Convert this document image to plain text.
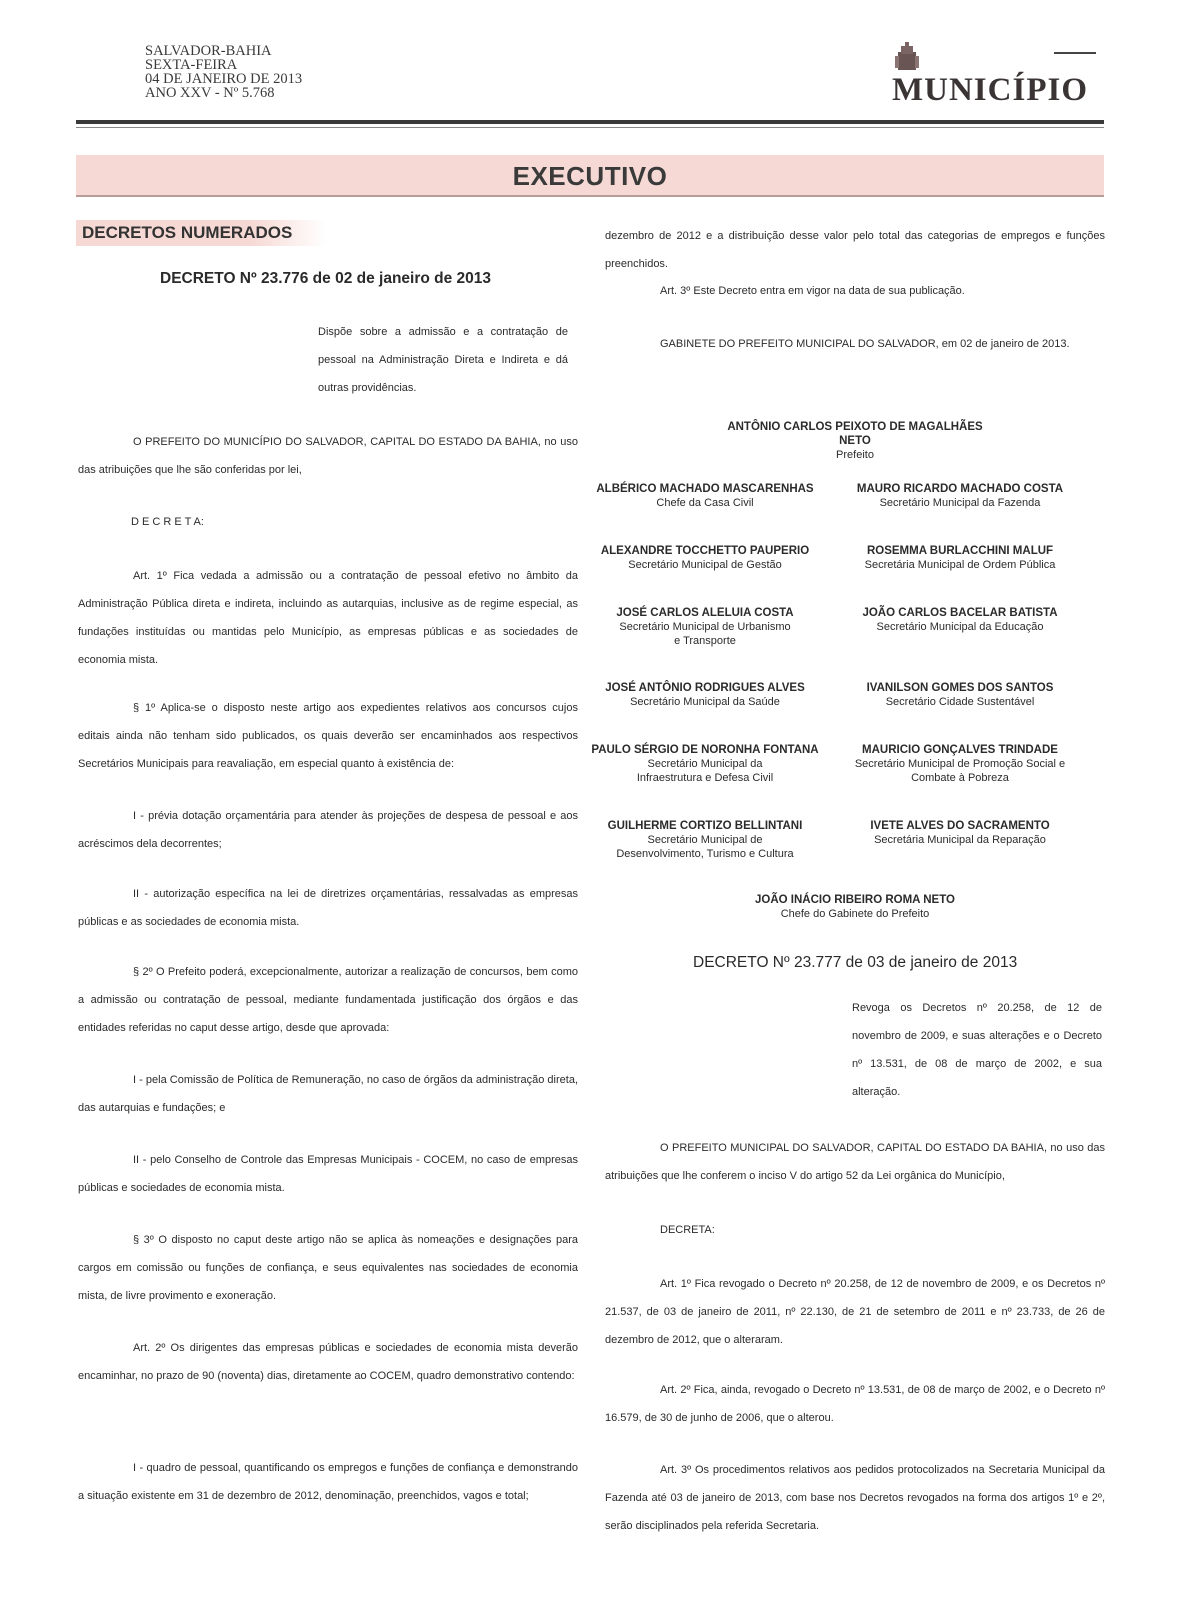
SALVADOR-BAHIA
SEXTA-FEIRA
04 DE JANEIRO DE 2013
ANO XXV - Nº 5.768	MUNICÍPIO
EXECUTIVO
DECRETOS NUMERADOS
DECRETO Nº 23.776 de 02 de janeiro de 2013
Dispõe sobre a admissão e a contratação de pessoal na Administração Direta e Indireta e dá outras providências.
O PREFEITO DO MUNICÍPIO DO SALVADOR, CAPITAL DO ESTADO DA BAHIA, no uso das atribuições que lhe são conferidas por lei,
D E C R E T A:
Art. 1º Fica vedada a admissão ou a contratação de pessoal efetivo no âmbito da Administração Pública direta e indireta, incluindo as autarquias, inclusive as de regime especial, as fundações instituídas ou mantidas pelo Município, as empresas públicas e as sociedades de economia mista.
§ 1º Aplica-se o disposto neste artigo aos expedientes relativos aos concursos cujos editais ainda não tenham sido publicados, os quais deverão ser encaminhados aos respectivos Secretários Municipais para reavaliação, em especial quanto à existência de:
I - prévia dotação orçamentária para atender às projeções de despesa de pessoal e aos acréscimos dela decorrentes;
II - autorização específica na lei de diretrizes orçamentárias, ressalvadas as empresas públicas e as sociedades de economia mista.
§ 2º O Prefeito poderá, excepcionalmente, autorizar a realização de concursos, bem como a admissão ou contratação de pessoal, mediante fundamentada justificação dos órgãos e das entidades referidas no caput desse artigo, desde que aprovada:
I - pela Comissão de Política de Remuneração, no caso de órgãos da administração direta, das autarquias e fundações; e
II - pelo Conselho de Controle das Empresas Municipais - COCEM, no caso de empresas públicas e sociedades de economia mista.
§ 3º O disposto no caput deste artigo não se aplica às nomeações e designações para cargos em comissão ou funções de confiança, e seus equivalentes nas sociedades de economia mista, de livre provimento e exoneração.
Art. 2º Os dirigentes das empresas públicas e sociedades de economia mista deverão encaminhar, no prazo de 90 (noventa) dias, diretamente ao COCEM, quadro demonstrativo contendo:
I - quadro de pessoal, quantificando os empregos e funções de confiança e demonstrando a situação existente em 31 de dezembro de 2012, denominação, preenchidos, vagos e total;
dezembro de 2012 e a distribuição desse valor pelo total das categorias de empregos e funções preenchidos.
Art. 3º Este Decreto entra em vigor na data de sua publicação.
GABINETE DO PREFEITO MUNICIPAL DO SALVADOR, em 02 de janeiro de 2013.
ANTÔNIO CARLOS PEIXOTO DE MAGALHÃES NETO
Prefeito
ALBÉRICO MACHADO MASCARENHAS
Chefe da Casa Civil
MAURO RICARDO MACHADO COSTA
Secretário Municipal da Fazenda
ALEXANDRE TOCCHETTO PAUPERIO
Secretário Municipal de Gestão
ROSEMMA BURLACCHINI MALUF
Secretária Municipal de Ordem Pública
JOSÉ CARLOS ALELUIA COSTA
Secretário Municipal de Urbanismo e Transporte
JOÃO CARLOS BACELAR BATISTA
Secretário Municipal da Educação
JOSÉ ANTÔNIO RODRIGUES ALVES
Secretário Municipal da Saúde
IVANILSON GOMES DOS SANTOS
Secretário Cidade Sustentável
PAULO SÉRGIO DE NORONHA FONTANA
Secretário Municipal da Infraestrutura e Defesa Civil
MAURICIO GONÇALVES TRINDADE
Secretário Municipal de Promoção Social e Combate à Pobreza
GUILHERME CORTIZO BELLINTANI
Secretário Municipal de Desenvolvimento, Turismo e Cultura
IVETE ALVES DO SACRAMENTO
Secretária Municipal da Reparação
JOÃO INÁCIO RIBEIRO ROMA NETO
Chefe do Gabinete do Prefeito
DECRETO Nº 23.777 de 03 de janeiro de 2013
Revoga os Decretos nº 20.258, de 12 de novembro de 2009, e suas alterações e o Decreto nº 13.531, de 08 de março de 2002, e sua alteração.
O PREFEITO MUNICIPAL DO SALVADOR, CAPITAL DO ESTADO DA BAHIA, no uso das atribuições que lhe conferem o inciso V do artigo 52 da Lei orgânica do Município,
DECRETA:
Art. 1º Fica revogado o Decreto nº 20.258, de 12 de novembro de 2009, e os Decretos nº 21.537, de 03 de janeiro de 2011, nº 22.130, de 21 de setembro de 2011 e nº 23.733, de 26 de dezembro de 2012, que o alteraram.
Art. 2º Fica, ainda, revogado o Decreto nº 13.531, de 08 de março de 2002, e o Decreto nº 16.579, de 30 de junho de 2006, que o alterou.
Art. 3º Os procedimentos relativos aos pedidos protocolizados na Secretaria Municipal da Fazenda até 03 de janeiro de 2013, com base nos Decretos revogados na forma dos artigos 1º e 2º, serão disciplinados pela referida Secretaria.
